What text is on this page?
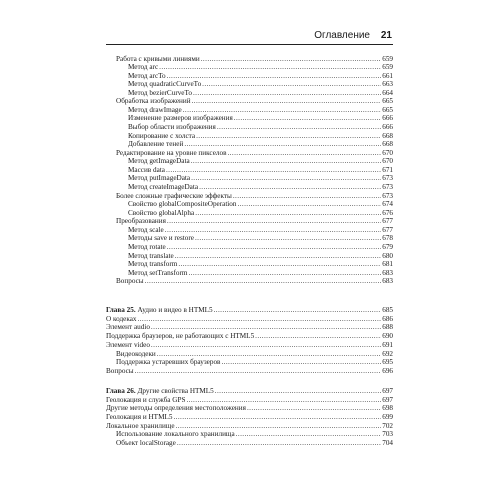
Оглавление 21
Работа с кривыми линиями .....	659
Метод arc .....	659
Метод arcTo .....	661
Метод quadraticCurveTo .....	663
Метод bezierCurveTo .....	664
Обработка изображений .....	665
Метод drawImage .....	665
Изменение размеров изображения .....	666
Выбор области изображения .....	666
Копирование с холста .....	668
Добавление теней .....	668
Редактирование на уровне пикселов .....	670
Метод getImageData .....	670
Массив data .....	671
Метод putImageData .....	673
Метод createImageData .....	673
Более сложные графические эффекты .....	673
Свойство globalCompositeOperation .....	674
Свойство globalAlpha .....	676
Преобразования .....	677
Метод scale .....	677
Методы save и restore .....	678
Метод rotate .....	679
Метод translate .....	680
Метод transform .....	681
Метод setTransform .....	683
Вопросы .....	683
Глава 25. Аудио и видео в HTML5 .....	685
О кодеках .....	686
Элемент audio .....	688
Поддержка браузеров, не работающих с HTML5 .....	690
Элемент video .....	691
Видеокодеки .....	692
Поддержка устаревших браузеров .....	695
Вопросы .....	696
Глава 26. Другие свойства HTML5 .....	697
Геолокация и служба GPS .....	697
Другие методы определения местоположения .....	698
Геолокация и HTML5 .....	699
Локальное хранилище .....	702
Использование локального хранилища .....	703
Объект localStorage .....	704
